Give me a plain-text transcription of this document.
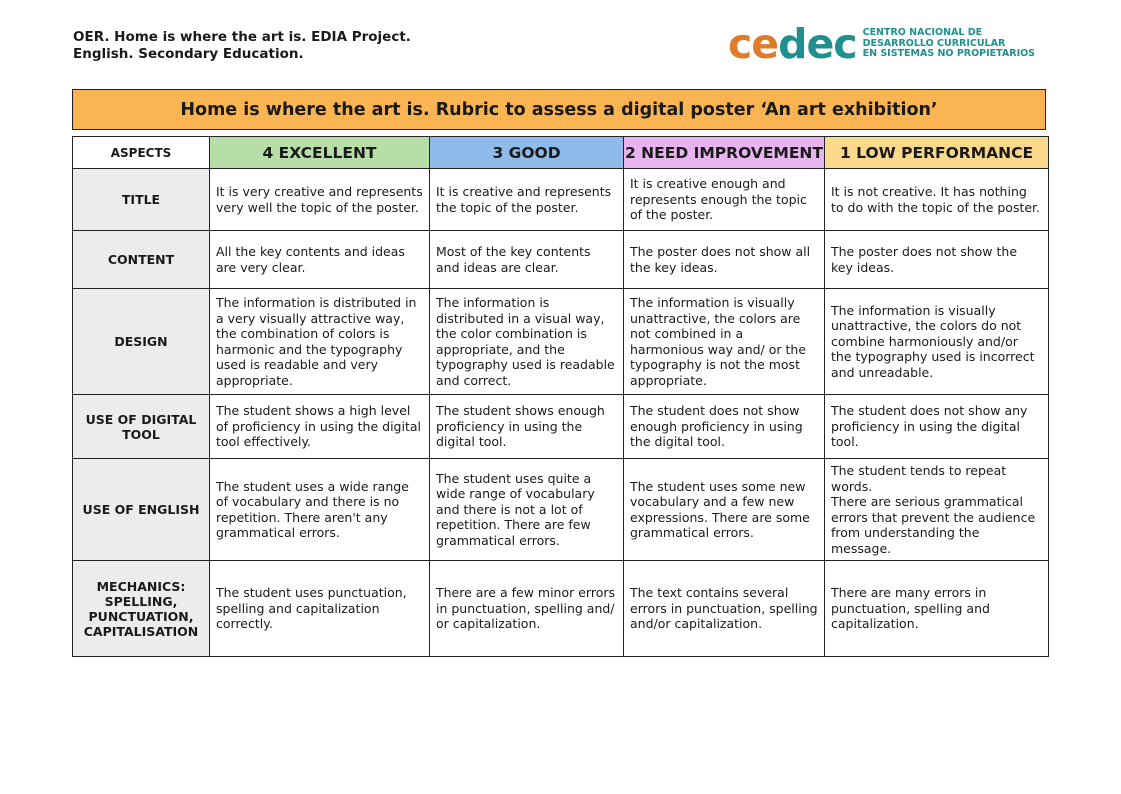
OER. Home is where the art is. EDIA Project.
English. Secondary Education.	cedec CENTRO NACIONAL DE
DESARROLLO CURRICULAR
EN SISTEMAS NO PROPIETARIOS
Home is where the art is. Rubric to assess a digital poster ‘An art exhibition’
ASPECTS	4 EXCELLENT	3 GOOD	2 NEED IMPROVEMENT	1 LOW PERFORMANCE
TITLE	It is very creative and represents very well the topic of the poster.	It is creative and represents the topic of the poster.	It is creative enough and represents enough the topic of the poster.	It is not creative. It has nothing to do with the topic of the poster.
CONTENT	All the key contents and ideas are very clear.	Most of the key contents and ideas are clear.	The poster does not show all the key ideas.	The poster does not show the key ideas.
DESIGN	The information is distributed in a very visually attractive way, the combination of colors is harmonic and the typography used is readable and very appropriate.	The information is distributed in a visual way, the color combination is appropriate, and the typography used is readable and correct.	The information is visually unattractive, the colors are not combined in a harmonious way and/ or the typography is not the most appropriate.	The information is visually unattractive, the colors do not combine harmoniously and/or the typography used is incorrect and unreadable.
USE OF DIGITAL TOOL	The student shows a high level of proficiency in using the digital tool effectively.	The student shows enough proficiency in using the digital tool.	The student does not show enough proficiency in using the digital tool.	The student does not show any proficiency in using the digital tool.
USE OF ENGLISH	The student uses a wide range of vocabulary and there is no repetition. There aren't any grammatical errors.	The student uses quite a wide range of vocabulary and there is not a lot of repetition. There are few grammatical errors.	The student uses some new vocabulary and a few new expressions. There are some grammatical errors.	The student tends to repeat words.
There are serious grammatical errors that prevent the audience from understanding the message.
MECHANICS: SPELLING, PUNCTUATION, CAPITALISATION	The student uses punctuation, spelling and capitalization correctly.	There are a few minor errors in punctuation, spelling and/ or capitalization.	The text contains several errors in punctuation, spelling and/or capitalization.	There are many errors in punctuation, spelling and capitalization.
